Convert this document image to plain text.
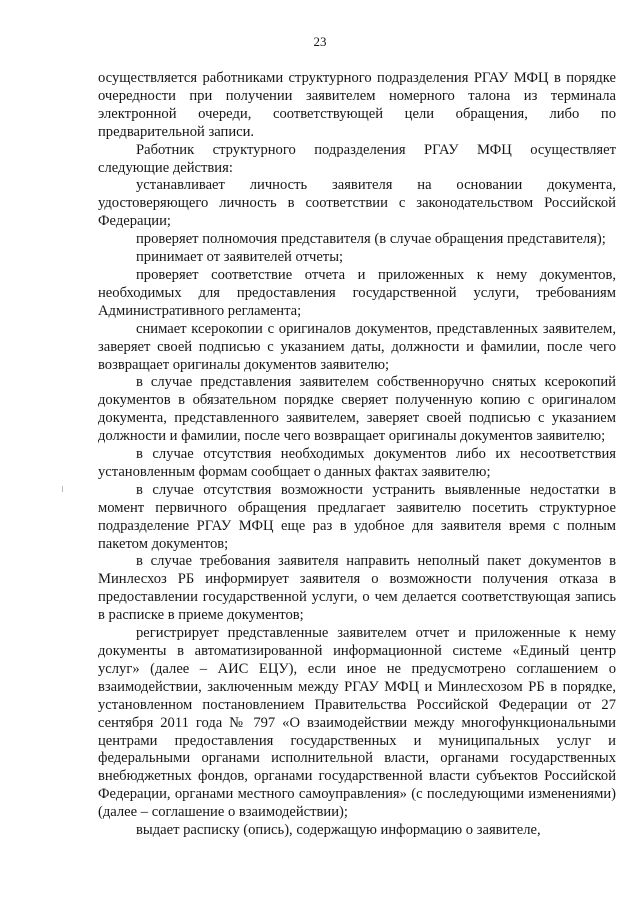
23

осуществляется работниками структурного подразделения РГАУ МФЦ в порядке очередности при получении заявителем номерного талона из терминала электронной очереди, соответствующей цели обращения, либо по предварительной записи.

Работник структурного подразделения РГАУ МФЦ осуществляет следующие действия:

устанавливает личность заявителя на основании документа, удостоверяющего личность в соответствии с законодательством Российской Федерации;

проверяет полномочия представителя (в случае обращения представителя);

принимает от заявителей отчеты;

проверяет соответствие отчета и приложенных к нему документов, необходимых для предоставления государственной услуги, требованиям Административного регламента;

снимает ксерокопии с оригиналов документов, представленных заявителем, заверяет своей подписью с указанием даты, должности и фамилии, после чего возвращает оригиналы документов заявителю;

в случае представления заявителем собственноручно снятых ксерокопий документов в обязательном порядке сверяет полученную копию с оригиналом документа, представленного заявителем, заверяет своей подписью с указанием должности и фамилии, после чего возвращает оригиналы документов заявителю;

в случае отсутствия необходимых документов либо их несоответствия установленным формам сообщает о данных фактах заявителю;

в случае отсутствия возможности устранить выявленные недостатки в момент первичного обращения предлагает заявителю посетить структурное подразделение РГАУ МФЦ еще раз в удобное для заявителя время с полным пакетом документов;

в случае требования заявителя направить неполный пакет документов в Минлесхоз РБ информирует заявителя о возможности получения отказа в предоставлении государственной услуги, о чем делается соответствующая запись в расписке в приеме документов;

регистрирует представленные заявителем отчет и приложенные к нему документы в автоматизированной информационной системе «Единый центр услуг» (далее – АИС ЕЦУ), если иное не предусмотрено соглашением о взаимодействии, заключенным между РГАУ МФЦ и Минлесхозом РБ в порядке, установленном постановлением Правительства Российской Федерации от 27 сентября 2011 года № 797 «О взаимодействии между многофункциональными центрами предоставления государственных и муниципальных услуг и федеральными органами исполнительной власти, органами государственных внебюджетных фондов, органами государственной власти субъектов Российской Федерации, органами местного самоуправления» (с последующими изменениями) (далее – соглашение о взаимодействии);

выдает расписку (опись), содержащую информацию о заявителе,
